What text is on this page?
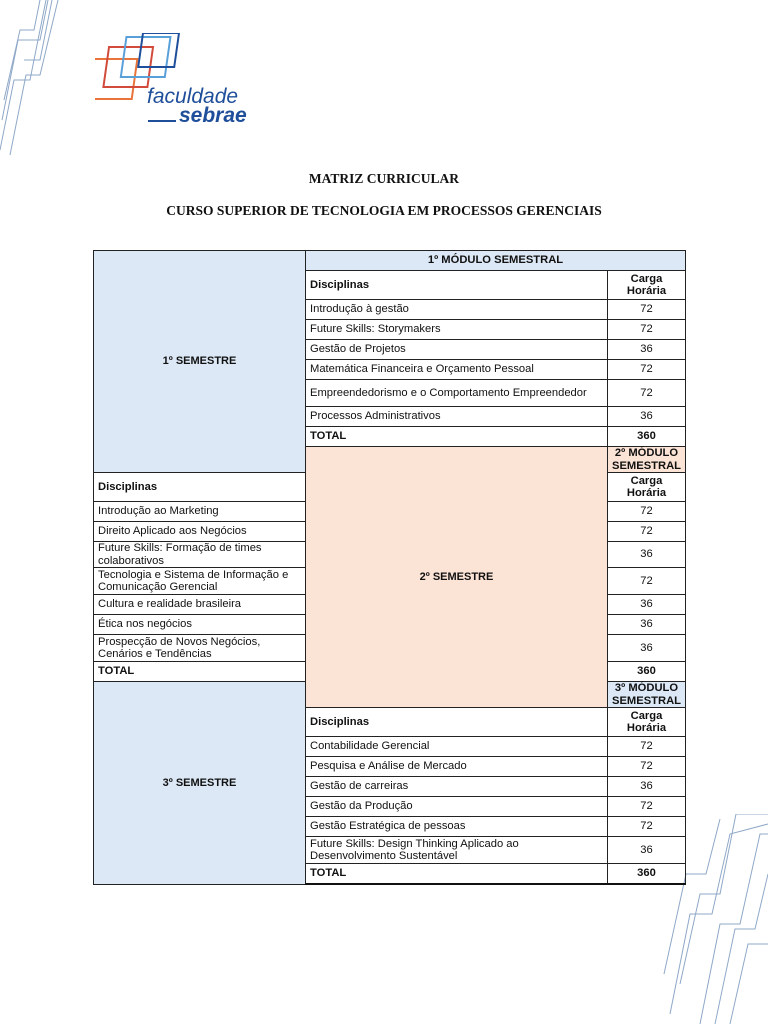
faculdade
sebrae
MATRIZ CURRICULAR
CURSO SUPERIOR DE TECNOLOGIA EM PROCESSOS GERENCIAIS
1º SEMESTRE	1º MÓDULO SEMESTRAL	
	Disciplinas	Carga Horária
	Introdução à gestão	72
	Future Skills: Storymakers	72
	Gestão de Projetos	36
	Matemática Financeira e Orçamento Pessoal	72
	Empreendedorismo e o Comportamento Empreendedor	72
	Processos Administrativos	36
	TOTAL	360
	2º SEMESTRE	2º MÓDULO SEMESTRAL
Disciplinas		Carga Horária
Introdução ao Marketing		72
Direito Aplicado aos Negócios		72
Future Skills: Formação de times colaborativos		36
Tecnologia e Sistema de Informação e Comunicação Gerencial		72
Cultura e realidade brasileira		36
Ética nos negócios		36
Prospecção de Novos Negócios, Cenários e Tendências		36
TOTAL		360
3º SEMESTRE		3º MÓDULO SEMESTRAL
	Disciplinas	Carga Horária
	Contabilidade Gerencial	72
	Pesquisa e Análise de Mercado	72
	Gestão de carreiras	36
	Gestão da Produção	72
	Gestão Estratégica de pessoas	72
	Future Skills: Design Thinking Aplicado ao Desenvolvimento Sustentável	36
	TOTAL	360
